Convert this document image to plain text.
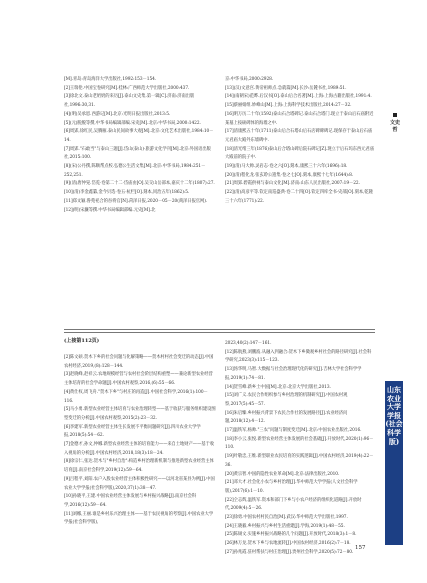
[M].青岛:青岛海洋大学出版社,1992:153－154.
[2]王瑞伦.中国宝卷研究[M].桂林:广西师范大学出版社,2000:437.
[3]徐北文.泰山老奶奶的来历[J].泰山文史集.第一辑[C].济南:济南出版社,1996:30,31.
[4](明)吴承恩.西游记[M].北京:光明日报出版社,2013:5.
[5](元)脱脱等撰,中华书局编辑部编.宋史[M].北京:中华书局,2000:1422.
[6]周郢,徐红民,吴腾雁.泰山民间故事大观[M].北京:文化艺术出版社,1984:10－14.
[7]周郢."石敢当"与泰山三题[J].岱山(泰山)·旅游文化学刊[M].北京:外国语出版社,2015:100.
[8](宋)公丹撰,陈顺帮点校.弘德公生活文集[M].北京:中华书局,1984:251－252,251.
[9](清)唐仲晃.岱览·卷第二十二·岱庙由[O].吴交山岳部本,嘉庆十二年(1807):27.
[10](清)李金鑫纂,金今贝选·卷五·杭栏[O].刻本,同治五年(1862):5.
[11]郑文颖.鲁苑祀合的吞将官[N].菏泽日报,2020－05－20(商泽日报官网).
[12](明)宋濂等撰.中华书局编辑部编.元史[M].北
京:中华书局,2000:2928.
[13](汉)文意宫.黄帝祖师点.急就篇[M].长沙:岳麓书社,1989:51.
[14](南朝宋)范晔.后汉书[O].泰山后合名著[M].上海:上海古籍出版社,1991:4.
[15]蔡丽娟组.妙峰山[M].上海:上海科学技术出版社,2014:27－32.
[16]明万历二十年(1592)泰山石合塔碑记.泰山石合塔门.现立于泰山后石庙附近某墓上按硕碑体的海墙之中.
[17]清康熙五十年(1711)泰山后合石塔山后石店碑碑碑记.现保存于泰山后石庙元君庙大殿外东墙碑中.
[18]清光绪三年(1876)泰山后合塔山碑后院石碑记[Z].现立于后石坞东西元君庙大殿前的院子中.
[19](清)马大帅.灵岩志·卷之六[O].刻本,康熙三十六年(1696):18.
[20](清)程化龙.张玄聆公遗集·卷之七[O].刻本,康熙十七年(1644):8.
[21]周郢.碧霞供祠与泰山文化[M].济南:山东人民出版社,2007:19－22.
[22](清)高彦平等.钦定南巡盛典·卷二十四[O].钦定四库全书·史部[O].刻本,乾隆三十六年(1771):22.
(上接第112页)
[2]陈文硕.贺木下乡的社会问题与化解策略——贺木村村社会变迁的动态[J].中国农村经济,2019,(8):128－144.
[3]赵晓峰,赵祥云.农地规模经营与农村社会阶层结构重塑——兼论新型农业经营主体培育的社会学命题[J].中国农村观察,2016,(6):55－66.
[4]黄仕权,周飞舟."贺木下乡"与村庄的再造[J].中国社会科学,2016(1):100－116.
[5]马小勇.新型农业经营主体培育与农业治理转型——基于收获与服务组织建设图型变迁的分析[J].中国农村观察,2015(2):23－32.
[6]李建军.新型农业经营主体生长发展不平衡问题研究[J].四川农业大学学报,2018(5):54－62.
[7]金德才,孙文,仲娜.新型农业经营主体的培育能力——来自土地财产——基于收入视角的分析[J].中国农村经济,2018,18(3):18－24.
[8]徐宗仁,张达.贺木与"乡村自治":构造乡村治理新机制与推进新型农业经营主体培育[J].南京社会科学,2019(12):59－64.
[9]吕程平,刘阳.农户入股农业经营主体积极性研究——以河北省某县为例[J].中国农业大学学报(社会科学版),2020,37(1):38－47.
[10]孙晓平,王建.中国农业经营主体发展与乡村振兴战略[J].南京社会科学,2016(12):59－64.
[11]刘娜,王丽.谁是乡村乐兴治理主体——基于农民视角的考察[J].中国农业大学学报(社会科学版),
2023,40(2):147－161.
[12]陈航燕,刘鹏波.从融入到融合:贺木下乡微观乡村社会的路径研究[J].社会科学研究,2023(3):115－123.
[13]汤华明,马智.大数据与社会治理现代化的研究[J].吉林大学社会科学学报,2019(1):74－81.
[14]贺雪峰.新乡土中国[M].北京:北京大学出版社,2013.
[15]刘广义.农民合作组织参与乡村治理的机制研究[J].中国农村观察,2017(5):45－57.
[16]朱启臻.乡村振兴背景下农民合作社的发展路径[J].农业经济问题,2018(12):4－12.
[17]温铁军,杨帅."三农"问题与制度变迁[M].北京:中国农业出版社,2016.
[18]李小云,张悦.新型农业经营主体发展的社会基础[J].开放时代,2020(1):96－110.
[19]叶敬忠,王维.新型职业农民培育的实践逻辑[J].中国农村经济,2019(4):22－36.
[20]黄宗智.中国的隐性农业革命[M].北京:法律出版社,2010.
[21]邓大才.社会化小农与乡村治理[J].华中师范大学学报(人文社会科学版),2017(6):1－10.
[22]仝志辉,温铁军.资本和部门下乡与小农户经济的组织化道路[J].开放时代,2009(4):5－26.
[23]徐勇.中国农村村民自治[M].武汉:华中师范大学出版社,1997.
[24]王晓毅.乡村振兴与乡村生活重建[J].学海,2019(1):48－55.
[25]陈锡文.实施乡村振兴战略的几个问题[J].开放时代,2018(3):1－8.
[26]林万龙.贺木下乡与农地流转[J].中国农村经济,2016(2):7－18.
[27]孙兆霞.驻村帮扶与村庄治理[J].贵州社会科学,2020(5):72－80.
文史哲
山东农业大学学报(社会科学版)
157
